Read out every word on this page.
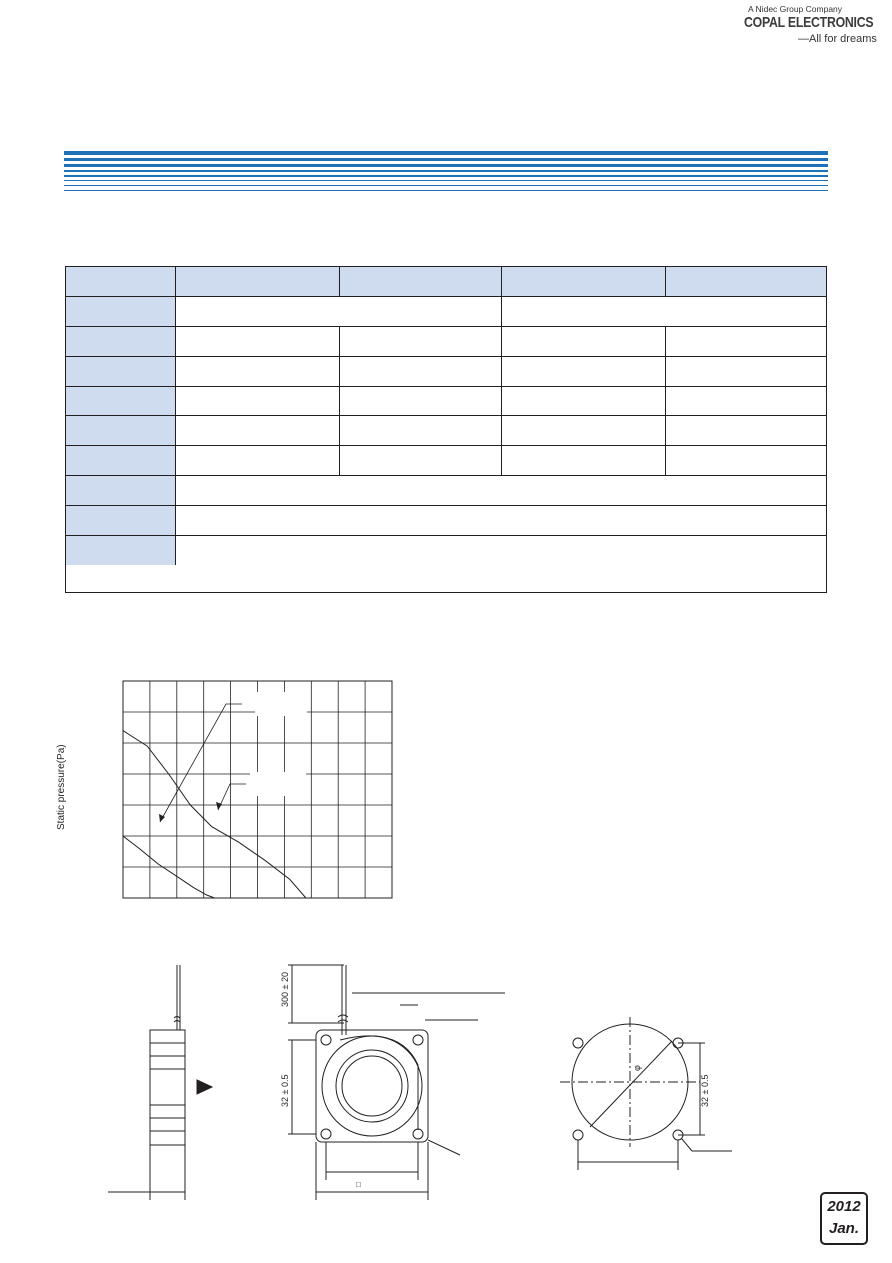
A Nidec Group Company
COPAL ELECTRONICS
—All for dreams
Static pressure(Pa)
300 ± 20
32 ± 0.5	32 ± 0.5
□
φ
2012
Jan.
